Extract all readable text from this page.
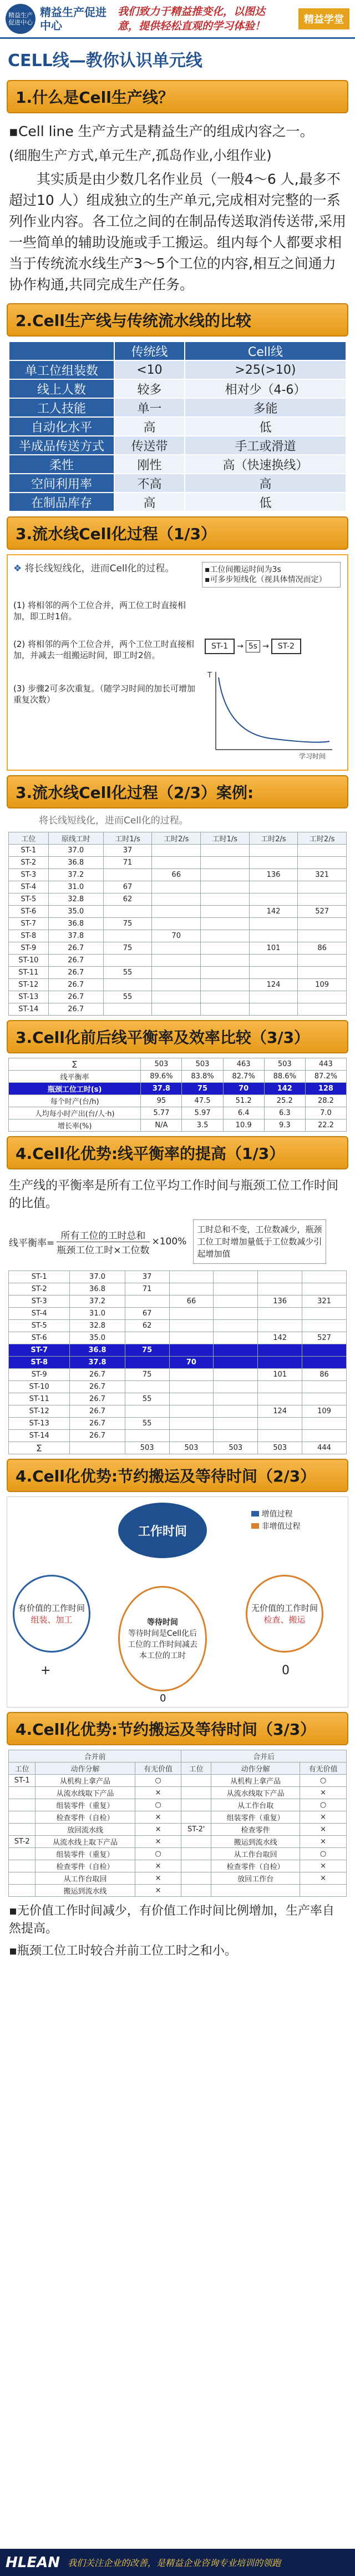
精益生产促进中心
精益生产促进中心
我们致力于精益推变化，以图达
意，提供轻松直观的学习体验！
精益学堂
CELL线—教你认识单元线
1.什么是Cell生产线？
▪Cell line 生产方式是精益生产的组成内容之一。
(细胞生产方式,单元生产,孤岛作业,小组作业)
其实质是由少数几名作业员（一般4～6 人,最多不超过10 人）组成独立的生产单元,完成相对完整的一系列作业内容。各工位之间的在制品传送取消传送带,采用一些简单的辅助设施或手工搬运。组内每个人都要求相当于传统流水线生产3～5个工位的内容,相互之间通力协作构通,共同完成生产任务。
2.Cell生产线与传统流水线的比较
	传统线	Cell线
单工位组装数	<10	>25(>10)
线上人数	较多	相对少（4-6）
工人技能	单一	多能
自动化水平	高	低
半成品传送方式	传送带	手工或滑道
柔性	刚性	高（快速换线）
空间利用率	不高	高
在制品库存	高	低
3.流水线Cell化过程（1/3）
❖ 将长线短线化，进而Cell化的过程。
(1) 将相邻的两个工位合并，两工位工时直接相加，即工时1倍。
(2) 将相邻的两个工位合并，两个工位工时直接相加，并减去一组搬运时间，即工时2倍。
(3) 步骤2可多次重复。（随学习时间的加长可增加重复次数）
▪工位间搬运时间为3s
▪可多步短线化（视具体情况而定）
ST-1	→ 5s →	ST-2
T
学习时间
3.流水线Cell化过程（2/3）案例:
将长线短线化，进而Cell化的过程。
工位	原线工时	工时1/s	工时2/s	工时1/s	工时2/s	工时2/s
ST-1	37.0	37				
ST-2	36.8	71				
ST-3	37.2		66		136	321
ST-4	31.0	67				
ST-5	32.8	62				
ST-6	35.0				142	527
ST-7	36.8	75				
ST-8	37.8		70			
ST-9	26.7	75			101	86
ST-10	26.7					
ST-11	26.7	55				
ST-12	26.7				124	109
ST-13	26.7	55				
ST-14	26.7					
3.Cell化前后线平衡率及效率比较（3/3）
∑	503	503	463	503	443
线平衡率	89.6%	83.8%	82.7%	88.6%	87.2%
瓶颈工位工时(s)	37.8	75	70	142	128
每个时产(台/h)	95	47.5	51.2	25.2	28.2
人均每小时产出(台/人·h)	5.77	5.97	6.4	6.3	7.0
增长率(%)	N/A	3.5	10.9	9.3	22.2
4.Cell化优势:线平衡率的提高（1/3）
生产线的平衡率是所有工位平均工作时间与瓶颈工位工作时间的比值。
线平衡率=
所有工位的工时总和
瓶颈工位工时×工位数
×100%
工时总和不变，工位数减少，瓶颈工位工时增加量低于工位数减少引起增加值
ST-1	37.0	37				
ST-2	36.8	71				
ST-3	37.2		66		136	321
ST-4	31.0	67				
ST-5	32.8	62				
ST-6	35.0				142	527
ST-7	36.8	75				
ST-8	37.8		70			
ST-9	26.7	75			101	86
ST-10	26.7					
ST-11	26.7	55				
ST-12	26.7				124	109
ST-13	26.7	55				
ST-14	26.7					
∑		503	503	503	503	444
4.Cell化优势:节约搬运及等待时间（2/3）
工作时间
增值过程
非增值过程
有价值的工作时间
组装、加工
+
等待时间
等待时间是Cell化后工位的工作时间减去本工位的工时
0
无价值的工作时间
检查、搬运
0
4.Cell化优势:节约搬运及等待时间（3/3）
合并前			合并后		
工位	动作分解	有无价值	工位	动作分解	有无价值
ST-1	从机构上拿产品	○		从机构上拿产品	○
	从流水线取下产品	×		从流水线取下产品	×
	组装零件（重复）	○		从工作台取	○
	检查零件（自检）	×		组装零件（重复）	×
	放回流水线	×	ST-2'	检查零件	×
ST-2	从流水线上取下产品	×		搬运到流水线	×
	组装零件（重复）	○		从工作台取回	○
	检查零件（自检）	×		检查零件（自检）	×
	从工作台取回	×		放回工作台	×
	搬运到流水线	×			
▪无价值工作时间减少，有价值工作时间比例增加，生产率自然提高。
▪瓶颈工位工时较合并前工位工时之和小。
HLEAN 我们关注企业的改善，是精益企业咨询专业培训的领跑
